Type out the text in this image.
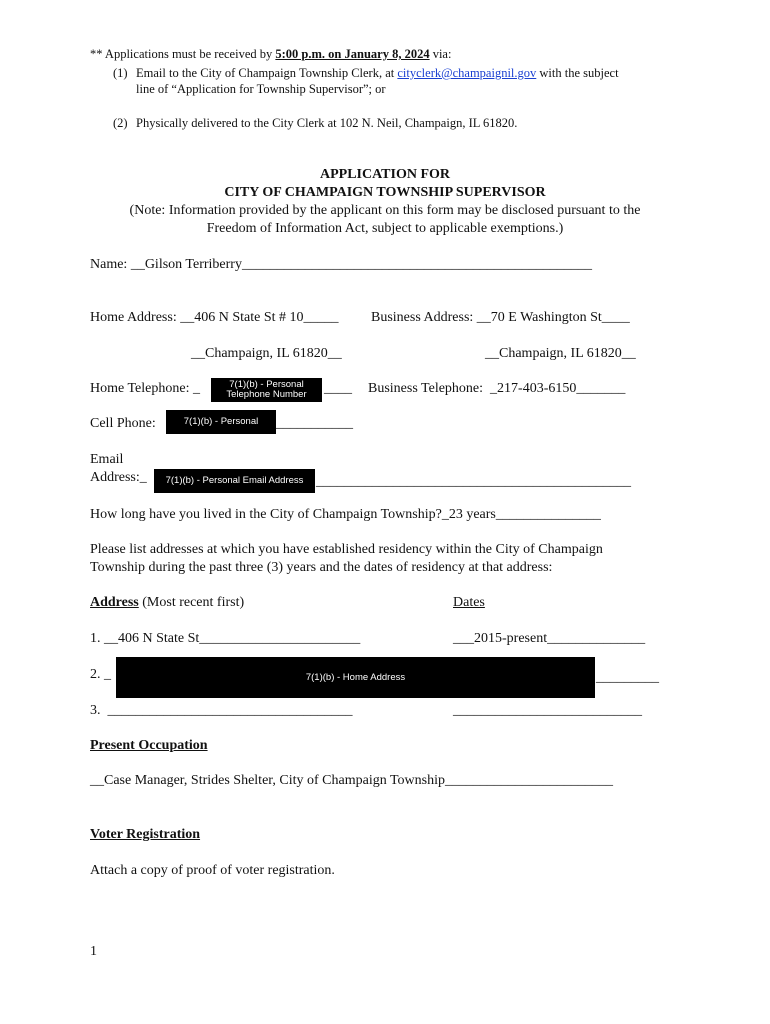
** Applications must be received by 5:00 p.m. on January 8, 2024 via:
(1) Email to the City of Champaign Township Clerk, at cityclerk@champaignil.gov with the subject
line of “Application for Township Supervisor”; or
(2) Physically delivered to the City Clerk at 102 N. Neil, Champaign, IL 61820.
APPLICATION FOR
CITY OF CHAMPAIGN TOWNSHIP SUPERVISOR
(Note: Information provided by the applicant on this form may be disclosed pursuant to the
Freedom of Information Act, subject to applicable exemptions.)
Name: __Gilson Terriberry__________________________________________________
Home Address: __406 N State St # 10_____ Business Address: __70 E Washington St____
__Champaign, IL 61820__	__Champaign, IL 61820__
Home Telephone: _	7(1)(b) - Personal
Telephone Number ____ Business Telephone:  _217-403-6150_______
Cell Phone:	7(1)(b) - Personal ___________
Email
Address:_ 7(1)(b) - Personal Email Address _____________________________________________
How long have you lived in the City of Champaign Township?_23 years_______________
Please list addresses at which you have established residency within the City of Champaign
Township during the past three (3) years and the dates of residency at that address:
Address (Most recent first)	Dates
1. __406 N State St_______________________	___2015-present______________
2. _	7(1)(b) - Home Address	_________
3.  ___________________________________	___________________________
Present Occupation
__Case Manager, Strides Shelter, City of Champaign Township________________________
Voter Registration
Attach a copy of proof of voter registration.
1
